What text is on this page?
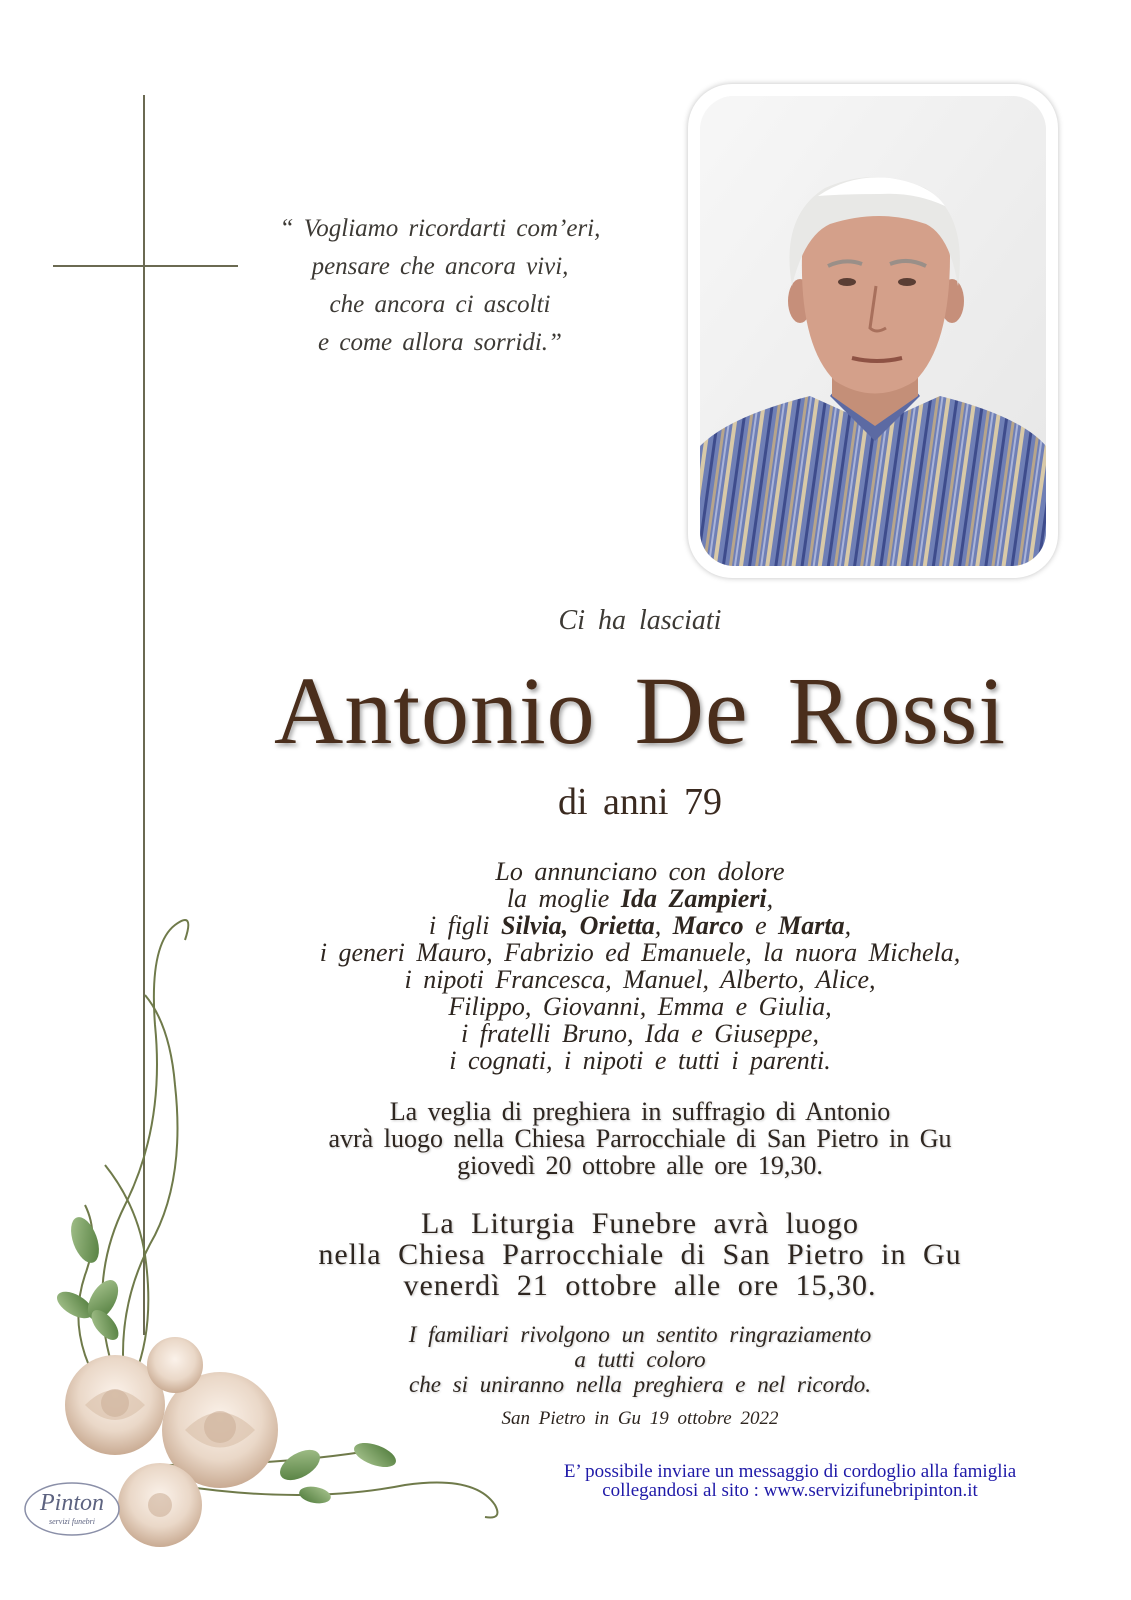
“ Vogliamo ricordarti com’eri,
pensare che ancora vivi,
che ancora ci ascolti
e come allora sorridi.”
Ci ha lasciati
Antonio De Rossi
di anni 79
Lo annunciano con dolore
la moglie Ida Zampieri,
i figli Silvia, Orietta, Marco e Marta,
i generi Mauro, Fabrizio ed Emanuele, la nuora Michela,
i nipoti Francesca, Manuel, Alberto, Alice,
Filippo, Giovanni, Emma e Giulia,
i fratelli Bruno, Ida e Giuseppe,
i cognati, i nipoti e tutti i parenti.
La veglia di preghiera in suffragio di Antonio
avrà luogo nella Chiesa Parrocchiale di San Pietro in Gu
giovedì 20 ottobre alle ore 19,30.
La Liturgia Funebre avrà luogo
nella Chiesa Parrocchiale di San Pietro in Gu
venerdì 21 ottobre alle ore 15,30.
I familiari rivolgono un sentito ringraziamento
a tutti coloro
che si uniranno nella preghiera e nel ricordo.
San Pietro in Gu 19 ottobre 2022
E’ possibile inviare un messaggio di cordoglio alla famiglia
collegandosi al sito : www.servizifunebripinton.it
Pinton
servizi funebri
